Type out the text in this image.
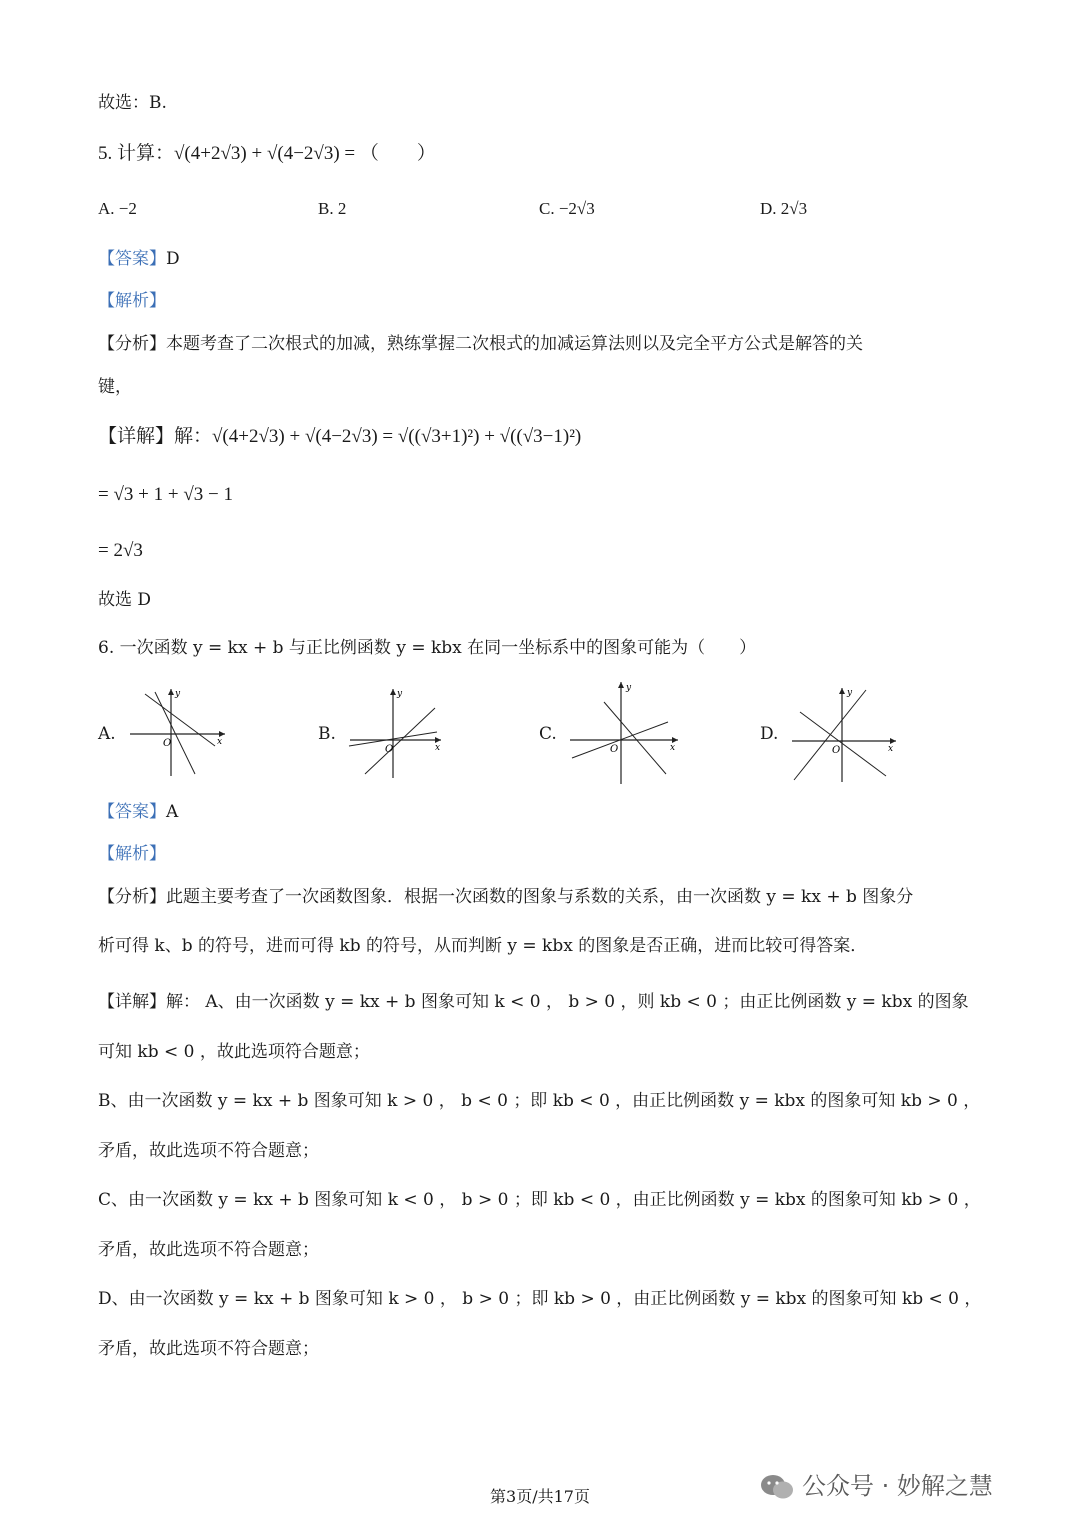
故选：B.
5. 计算：√(4+2√3) + √(4−2√3) = （　　）
A. −2	B. 2	C. −2√3	D. 2√3
【答案】D
【解析】
【分析】本题考查了二次根式的加减，熟练掌握二次根式的加减运算法则以及完全平方公式是解答的关
键，
【详解】解：√(4+2√3) + √(4−2√3) = √((√3+1)²) + √((√3−1)²)
= √3 + 1 + √3 − 1
= 2√3
故选 D
6. 一次函数 y = kx + b 与正比例函数 y = kbx 在同一坐标系中的图象可能为（　　）
A.
y
x
O	B.
y
x
O
C.
y
x
O
D.
y
x
O
【答案】A
【解析】
【分析】此题主要考查了一次函数图象．根据一次函数的图象与系数的关系，由一次函数 y = kx + b 图象分
析可得 k、b 的符号，进而可得 kb 的符号，从而判断 y = kbx 的图象是否正确，进而比较可得答案．
【详解】解： A、由一次函数 y = kx + b 图象可知 k < 0 ， b > 0 ，则 kb < 0 ；由正比例函数 y = kbx 的图象
可知 kb < 0 ，故此选项符合题意；
B、由一次函数 y = kx + b 图象可知 k > 0 ， b < 0 ；即 kb < 0 ，由正比例函数 y = kbx 的图象可知 kb > 0 ，
矛盾，故此选项不符合题意；
C、由一次函数 y = kx + b 图象可知 k < 0 ， b > 0 ；即 kb < 0 ，由正比例函数 y = kbx 的图象可知 kb > 0 ，
矛盾，故此选项不符合题意；
D、由一次函数 y = kx + b 图象可知 k > 0 ， b > 0 ；即 kb > 0 ，由正比例函数 y = kbx 的图象可知 kb < 0 ，
矛盾，故此选项不符合题意；
第3页/共17页	公众号 · 妙解之慧
